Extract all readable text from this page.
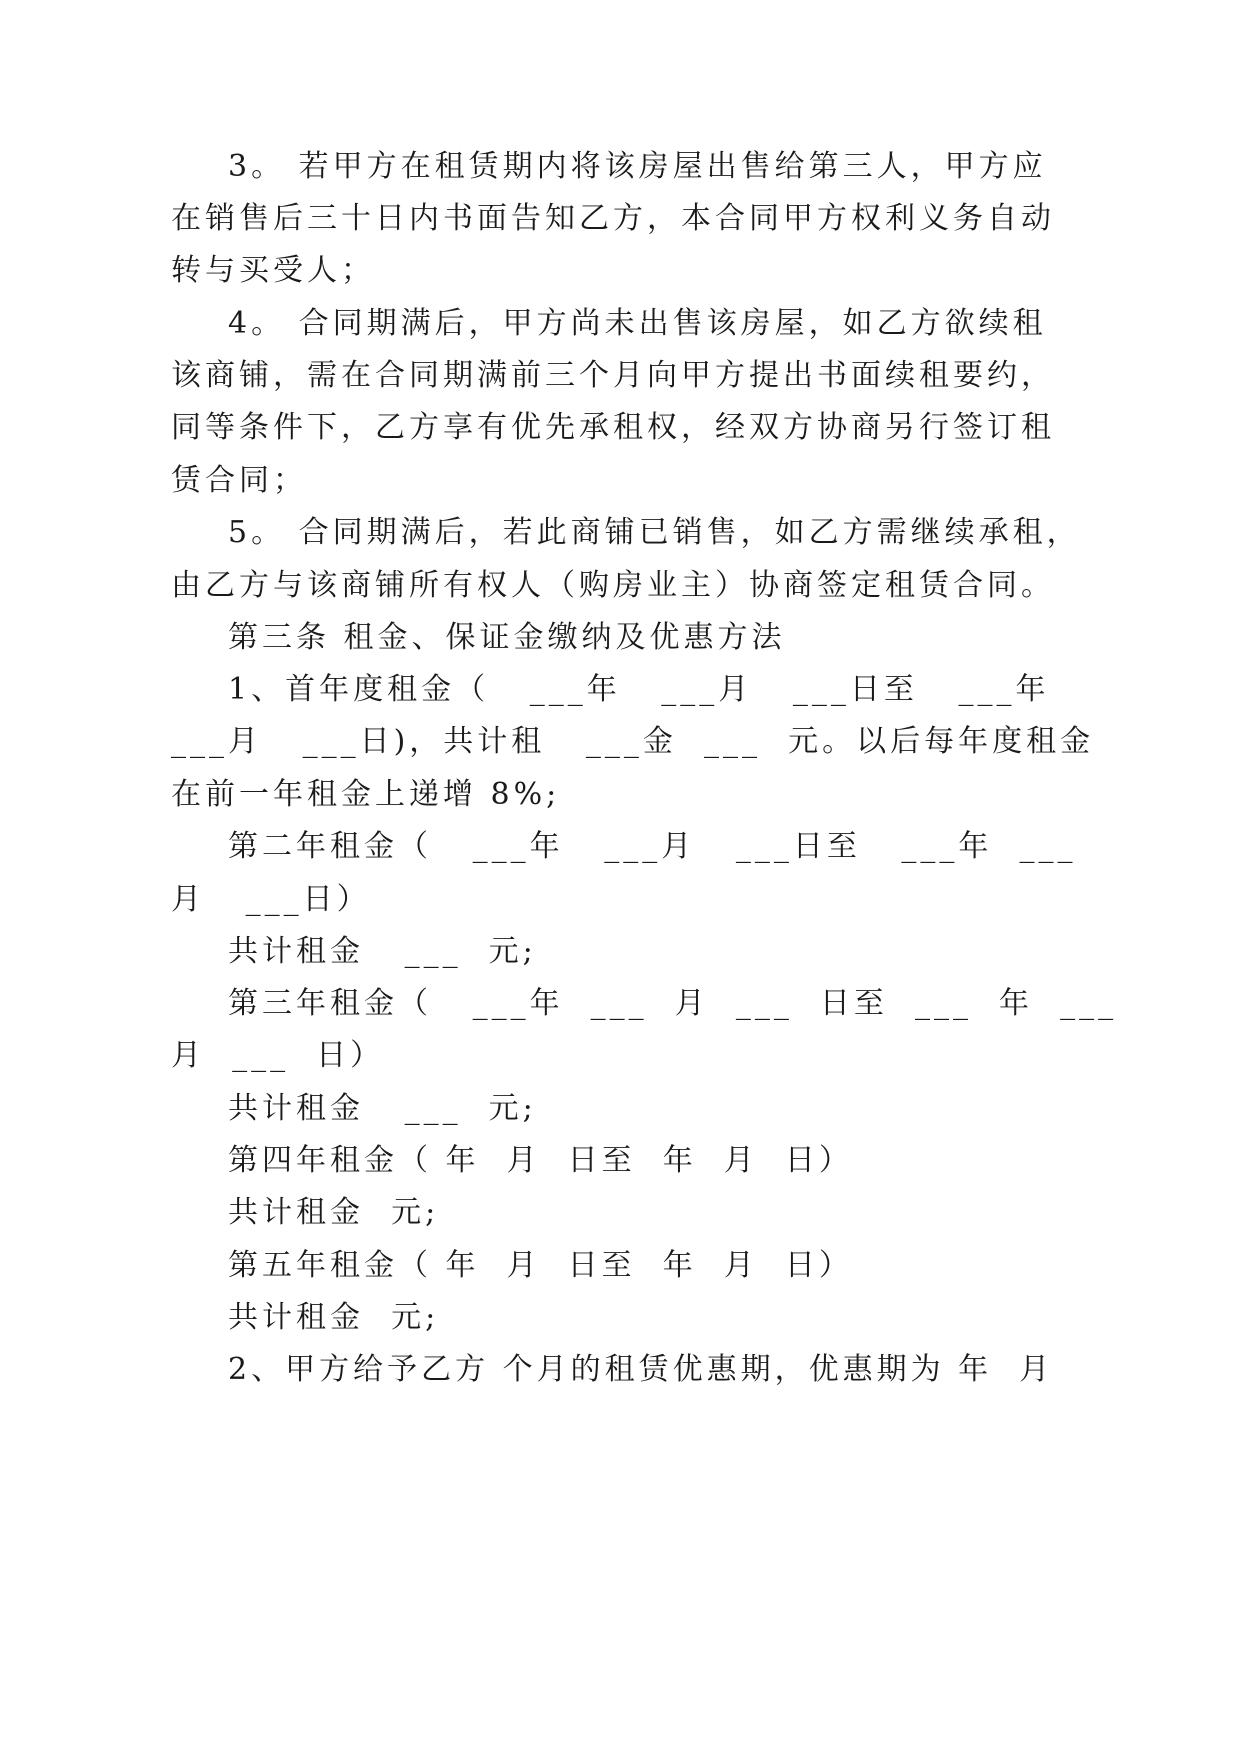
3。 若甲方在租赁期内将该房屋出售给第三人，甲方应
在销售后三十日内书面告知乙方，本合同甲方权利义务自动
转与买受人；
4。 合同期满后，甲方尚未出售该房屋，如乙方欲续租
该商铺，需在合同期满前三个月向甲方提出书面续租要约，
同等条件下，乙方享有优先承租权，经双方协商另行签订租
赁合同；
5。 合同期满后，若此商铺已销售，如乙方需继续承租，
由乙方与该商铺所有权人（购房业主）协商签定租赁合同。
第三条 租金、保证金缴纳及优惠方法
1、首年度租金（   ___年   ___月   ___日至   ___年
___月   ___日)，共计租   ___金  ___  元。以后每年度租金
在前一年租金上递增 8%;
第二年租金（   ___年   ___月   ___日至   ___年  ___
月   ___日）
共计租金   ___  元;
第三年租金（   ___年  ___  月  ___  日至  ___  年  ___
月  ___  日）
共计租金   ___  元;
第四年租金（ 年  月  日至  年  月  日）
共计租金  元;
第五年租金（ 年  月  日至  年  月  日）
共计租金  元;
2、甲方给予乙方 个月的租赁优惠期，优惠期为 年  月
